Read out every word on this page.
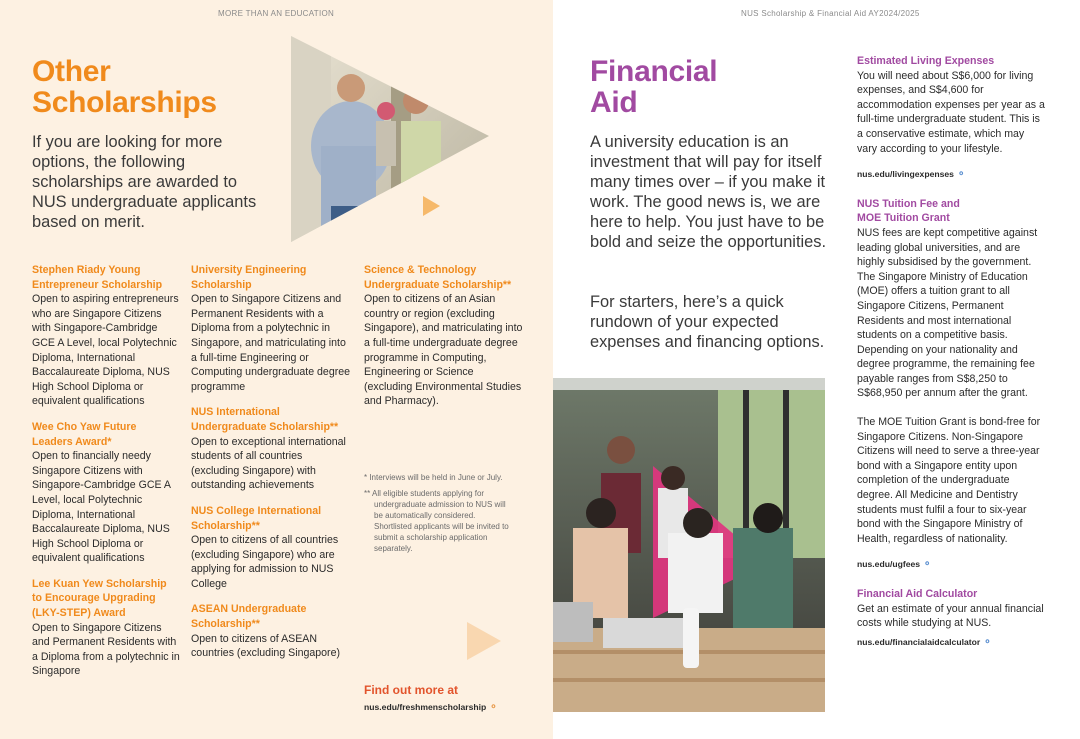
MORE THAN AN EDUCATION
Other
Scholarships
If you are looking for more options, the following scholarships are awarded to NUS undergraduate applicants based on merit.
Stephen Riady Young
Entrepreneur Scholarship
Open to aspiring entrepreneurs who are Singapore Citizens with Singapore-Cambridge GCE A Level, local Polytechnic Diploma, International Baccalaureate Diploma, NUS High School Diploma or equivalent qualifications
Wee Cho Yaw Future
Leaders Award*
Open to financially needy Singapore Citizens with Singapore-Cambridge GCE A Level, local Polytechnic Diploma, International Baccalaureate Diploma, NUS High School Diploma or equivalent qualifications
Lee Kuan Yew Scholarship
to Encourage Upgrading
(LKY-STEP) Award
Open to Singapore Citizens and Permanent Residents with a Diploma from a polytechnic in Singapore
University Engineering
Scholarship
Open to Singapore Citizens and Permanent Residents with a Diploma from a polytechnic in Singapore, and matriculating into a full-time Engineering or Computing undergraduate degree programme
NUS International
Undergraduate Scholarship**
Open to exceptional international students of all countries (excluding Singapore) with outstanding achievements
NUS College International
Scholarship**
Open to citizens of all countries (excluding Singapore) who are applying for admission to NUS College
ASEAN Undergraduate
Scholarship**
Open to citizens of ASEAN countries (excluding Singapore)
Science & Technology
Undergraduate Scholarship**
Open to citizens of an Asian country or region (excluding Singapore), and matriculating into a full-time undergraduate degree programme in Computing, Engineering or Science (excluding Environmental Studies and Pharmacy).

* Interviews will be held in June or July.

** All eligible students applying for undergraduate admission to NUS will be automatically considered. Shortlisted applicants will be invited to submit a scholarship application separately.

Find out more at
nus.edu/freshmenscholarship ⚬
NUS Scholarship & Financial Aid AY2024/2025
Financial
Aid
A university education is an investment that will pay for itself many times over – if you make it work. The good news is, we are here to help. You just have to be bold and seize the opportunities.
For starters, here’s a quick rundown of your expected expenses and financing options.
Estimated Living Expenses
You will need about S$6,000 for living expenses, and S$4,600 for accommodation expenses per year as a full-time undergraduate student. This is a conservative estimate, which may vary according to your lifestyle.
nus.edu/livingexpenses ⚬
NUS Tuition Fee and
MOE Tuition Grant
NUS fees are kept competitive against leading global universities, and are highly subsidised by the government. The Singapore Ministry of Education (MOE) offers a tuition grant to all Singapore Citizens, Permanent Residents and most international students on a competitive basis. Depending on your nationality and degree programme, the remaining fee payable ranges from S$8,250 to S$68,950 per annum after the grant.
The MOE Tuition Grant is bond-free for Singapore Citizens. Non-Singapore Citizens will need to serve a three-year bond with a Singapore entity upon completion of the undergraduate degree. All Medicine and Dentistry students must fulfil a four to six-year bond with the Singapore Ministry of Health, regardless of nationality.
nus.edu/ugfees ⚬
Financial Aid Calculator
Get an estimate of your annual financial costs while studying at NUS.
nus.edu/financialaidcalculator ⚬
